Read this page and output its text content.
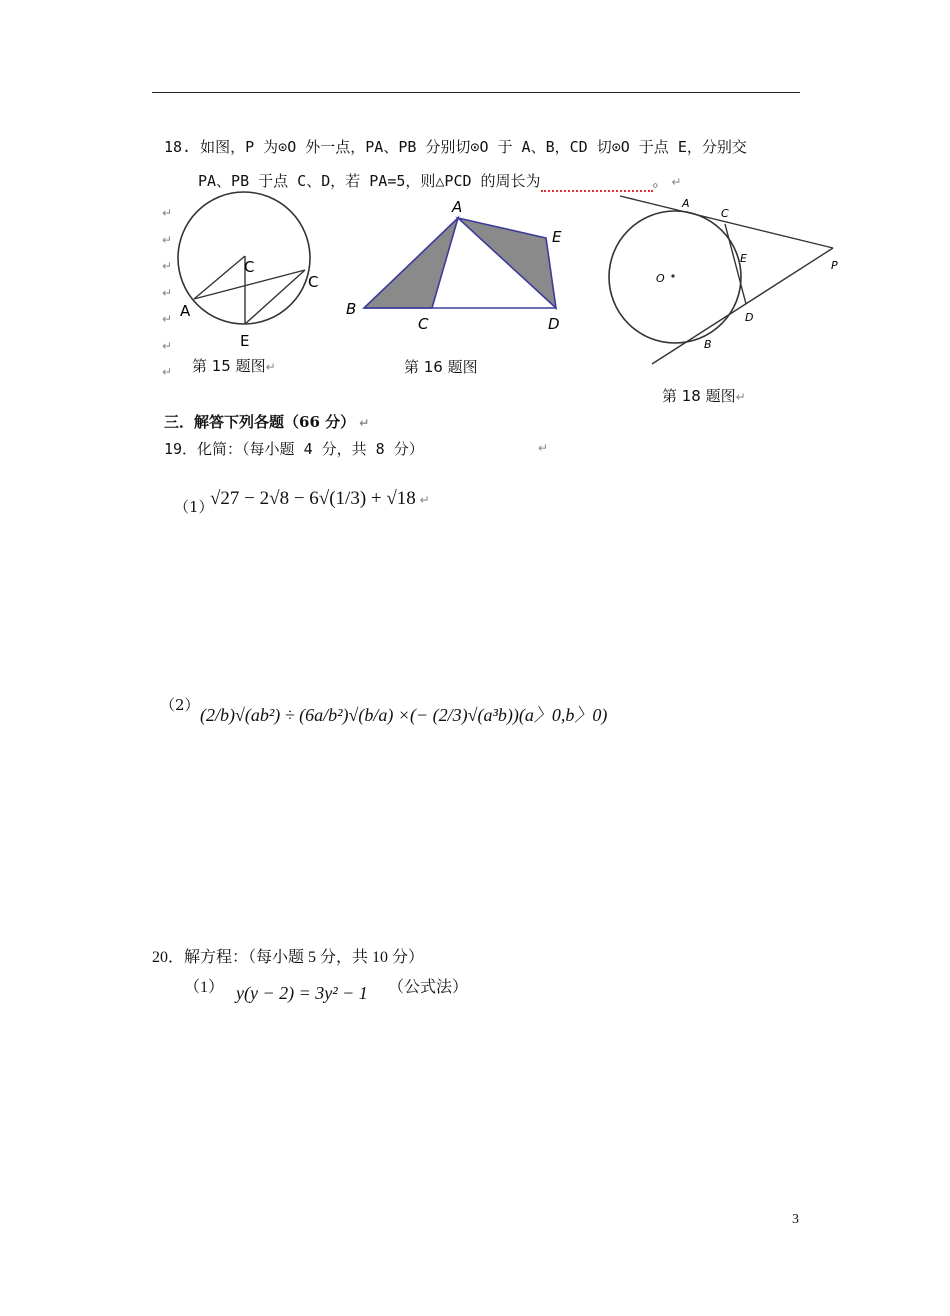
18. 如图，P 为⊙O 外一点，PA、PB 分别切⊙O 于 A、B，CD 切⊙O 于点 E，分别交
PA、PB 于点 C、D，若 PA=5，则△PCD 的周长为	。 ↵
C
C
A
E
↵
↵
↵
↵
↵
↵
↵ 第 15 题图↵
A
E
B
C	D
第 16 题图
A
C
E
P
O
D
B
第 18 题图↵
三．解答下列各题（66 分） ↵
19．化简：（每小题 4 分，共 8 分）	↵
（1）
√27 − 2√8 − 6√(1/3) + √18 ↵
（2） (2/b)√(ab²) ÷ (6a/b²)√(b/a) ×(− (2/3)√(a³b))(a〉0,b〉0)
20．解方程：（每小题 5 分，共 10 分）
（1） y(y − 2) = 3y² − 1 （公式法）
3
